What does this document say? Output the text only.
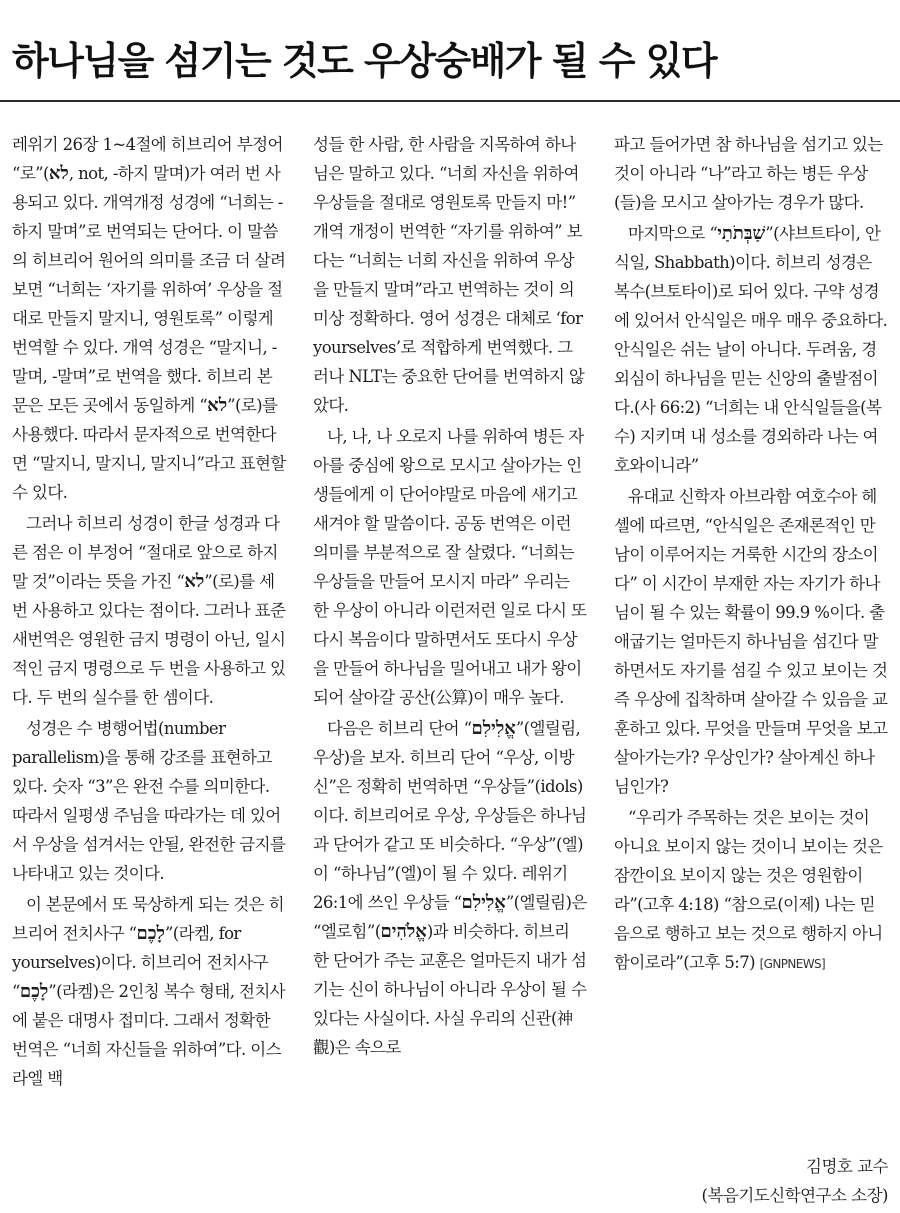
하나님을 섬기는 것도 우상숭배가 될 수 있다

레위기 26장 1~4절에 히브리어 부정어 “로”(לא, not, -하지 말며)가 여러 번 사용되고 있다. 개역개정 성경에 “너희는 -하지 말며”로 번역되는 단어다. 이 말씀의 히브리어 원어의 의미를 조금 더 살려보면 “너희는 ‘자기를 위하여’ 우상을 절대로 만들지 말지니, 영원토록” 이렇게 번역할 수 있다. 개역 성경은 “말지니, -말며, -말며”로 번역을 했다. 히브리 본문은 모든 곳에서 동일하게 “לא”(로)를 사용했다. 따라서 문자적으로 번역한다면 “말지니, 말지니, 말지니”라고 표현할 수 있다.

그러나 히브리 성경이 한글 성경과 다른 점은 이 부정어 “절대로 앞으로 하지 말 것”이라는 뜻을 가진 “לא”(로)를 세 번 사용하고 있다는 점이다. 그러나 표준 새번역은 영원한 금지 명령이 아닌, 일시적인 금지 명령으로 두 번을 사용하고 있다. 두 번의 실수를 한 셈이다.

성경은 수 병행어법(number parallelism)을 통해 강조를 표현하고 있다. 숫자 “3”은 완전 수를 의미한다. 따라서 일평생 주님을 따라가는 데 있어서 우상을 섬겨서는 안될, 완전한 금지를 나타내고 있는 것이다.

이 본문에서 또 묵상하게 되는 것은 히브리어 전치사구 “לָכֶם”(라켐, for yourselves)이다. 히브리어 전치사구 “לָכֶם”(라켐)은 2인칭 복수 형태, 전치사에 붙은 대명사 접미다. 그래서 정확한 번역은 “너희 자신들을 위하여”다. 이스라엘 백

성들 한 사람, 한 사람을 지목하여 하나님은 말하고 있다. “너희 자신을 위하여 우상들을 절대로 영원토록 만들지 마!” 개역 개정이 번역한 “자기를 위하여” 보다는 “너희는 너희 자신을 위하여 우상을 만들지 말며”라고 번역하는 것이 의미상 정확하다. 영어 성경은 대체로 ‘for yourselves’로 적합하게 번역했다. 그러나 NLT는 중요한 단어를 번역하지 않았다.

나, 나, 나 오로지 나를 위하여 병든 자아를 중심에 왕으로 모시고 살아가는 인생들에게 이 단어야말로 마음에 새기고 새겨야 할 말씀이다. 공동 번역은 이런 의미를 부분적으로 잘 살렸다. “너희는 우상들을 만들어 모시지 마라” 우리는 한 우상이 아니라 이런저런 일로 다시 또다시 복음이다 말하면서도 또다시 우상을 만들어 하나님을 밀어내고 내가 왕이 되어 살아갈 공산(公算)이 매우 높다.

다음은 히브리 단어 “אֱלִילִם”(엘릴림, 우상)을 보자. 히브리 단어 “우상, 이방신”은 정확히 번역하면 “우상들”(idols)이다. 히브리어로 우상, 우상들은 하나님과 단어가 같고 또 비슷하다. “우상”(엘)이 “하나님”(엘)이 될 수 있다. 레위기 26:1에 쓰인 우상들 “אֱלִילִם”(엘릴림)은 “엘로힘”(אֱלֹהִים)과 비슷하다. 히브리 한 단어가 주는 교훈은 얼마든지 내가 섬기는 신이 하나님이 아니라 우상이 될 수 있다는 사실이다. 사실 우리의 신관(神觀)은 속으로

파고 들어가면 참 하나님을 섬기고 있는 것이 아니라 “나”라고 하는 병든 우상(들)을 모시고 살아가는 경우가 많다.

마지막으로 “שַׁבְּתֹתַי”(샤브트타이, 안식일, Shabbath)이다. 히브리 성경은 복수(브토타이)로 되어 있다. 구약 성경에 있어서 안식일은 매우 매우 중요하다. 안식일은 쉬는 날이 아니다. 두려움, 경외심이 하나님을 믿는 신앙의 출발점이다.(사 66:2) “너희는 내 안식일들을(복수) 지키며 내 성소를 경외하라 나는 여호와이니라”

유대교 신학자 아브라함 여호수아 헤셸에 따르면, “안식일은 존재론적인 만남이 이루어지는 거룩한 시간의 장소이다” 이 시간이 부재한 자는 자기가 하나님이 될 수 있는 확률이 99.9 %이다. 출애굽기는 얼마든지 하나님을 섬긴다 말하면서도 자기를 섬길 수 있고 보이는 것 즉 우상에 집착하며 살아갈 수 있음을 교훈하고 있다. 무엇을 만들며 무엇을 보고 살아가는가? 우상인가? 살아계신 하나님인가?

“우리가 주목하는 것은 보이는 것이 아니요 보이지 않는 것이니 보이는 것은 잠깐이요 보이지 않는 것은 영원함이라”(고후 4:18) “참으로(이제) 나는 믿음으로 행하고 보는 것으로 행하지 아니함이로라”(고후 5:7) [GNPNEWS]

김명호 교수
(복음기도신학연구소 소장)
